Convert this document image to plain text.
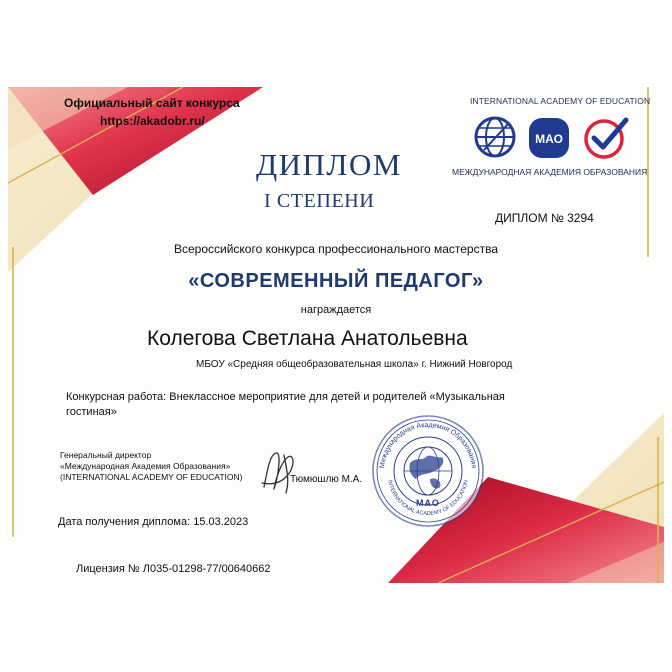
Официальный сайт конкурса
https://akadobr.ru/
INTERNATIONAL ACADEMY OF EDUCATION
МАО
МЕЖДУНАРОДНАЯ АКАДЕМИЯ ОБРАЗОВАНИЯ
ДИПЛОМ
I СТЕПЕНИ
ДИПЛОМ № 3294
Всероссийского конкурса профессионального мастерства
«СОВРЕМЕННЫЙ ПЕДАГОГ»
награждается
Колегова Светлана Анатольевна
МБОУ «Средняя общеобразовательная школа» г. Нижний Новгород
Конкурсная работа: Внеклассное мероприятие для детей и родителей «Музыкальная
гостиная»
Генеральный директор
«Международная Академия Образования»
(INTERNATIONAL ACADEMY OF EDUCATION)	Тюмюшлю М.А.
Дата получения диплома: 15.03.2023
Лицензия № Л035-01298-77/00640662
Международная Академия Образования
INTERNATIONAL ACADEMY OF EDUCATION
МАО
